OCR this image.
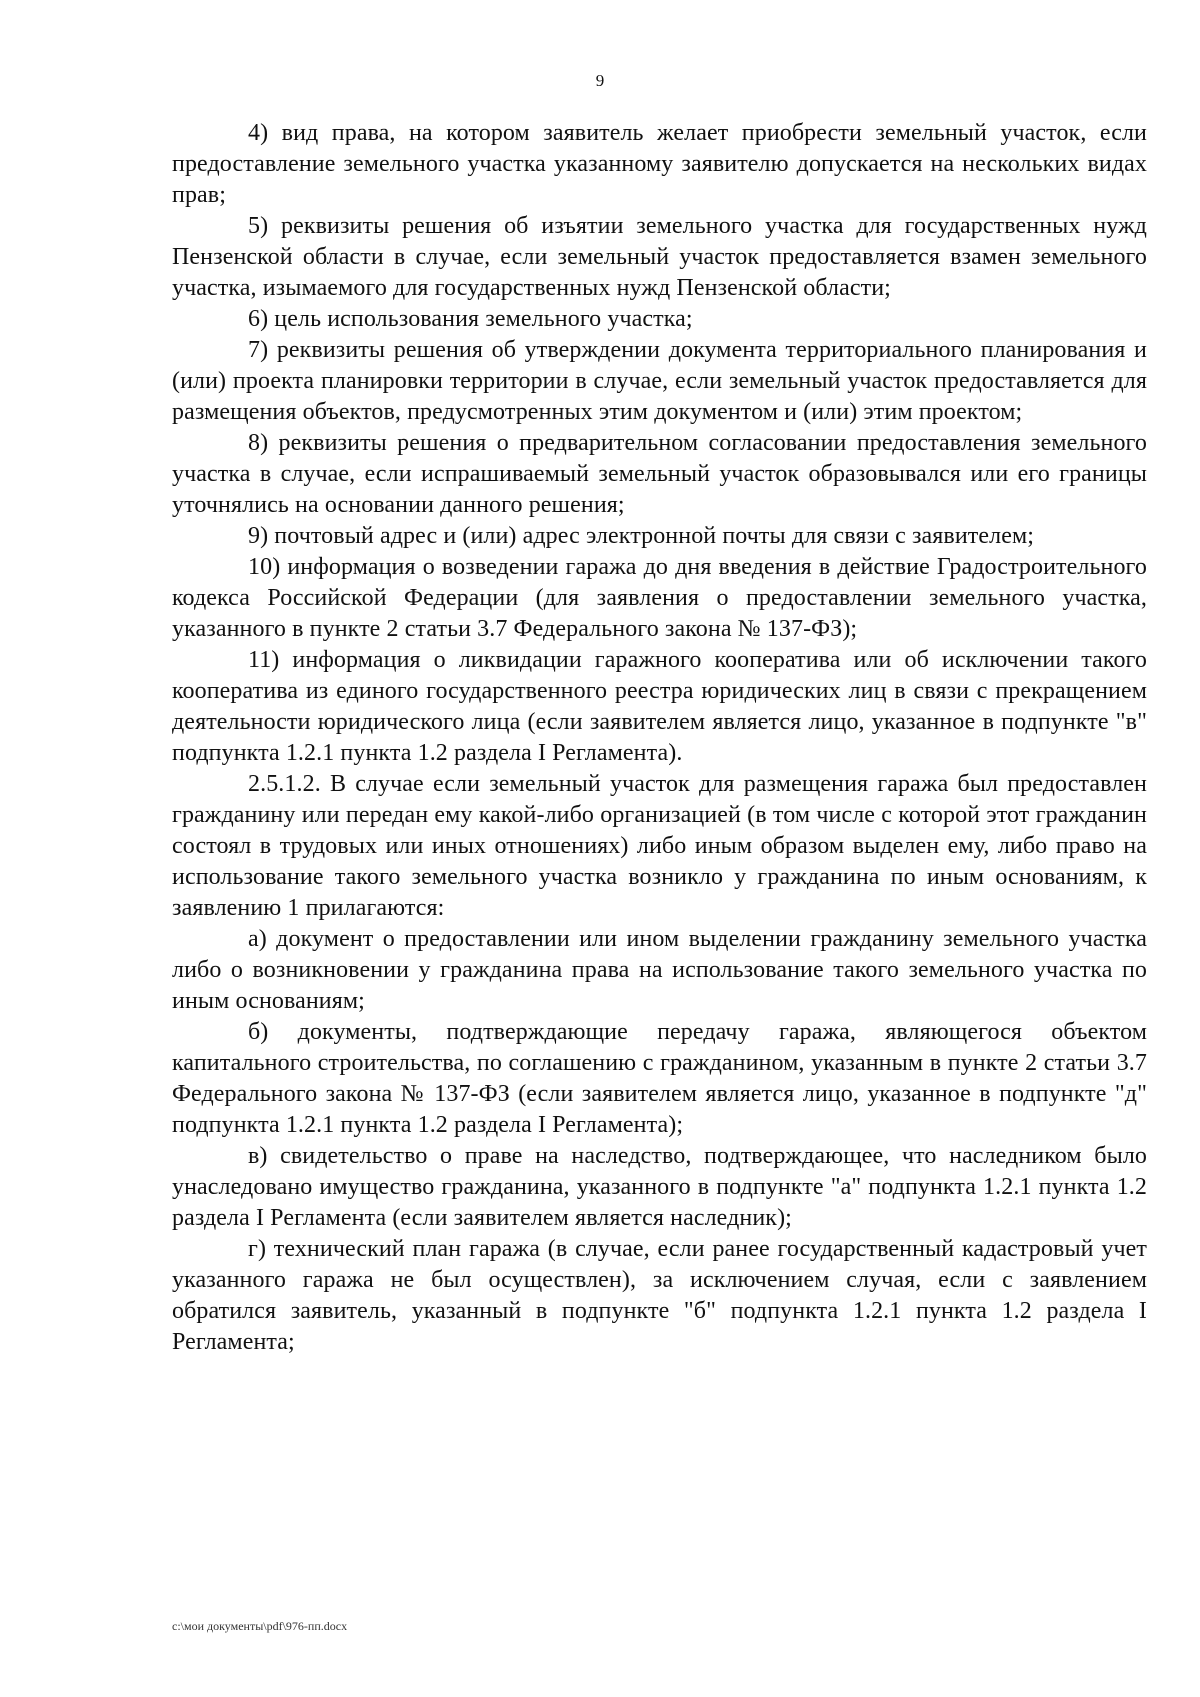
9

4) вид права, на котором заявитель желает приобрести земельный участок, если предоставление земельного участка указанному заявителю допускается на нескольких видах прав;

5) реквизиты решения об изъятии земельного участка для государственных нужд Пензенской области в случае, если земельный участок предоставляется взамен земельного участка, изымаемого для государственных нужд Пензенской области;

6) цель использования земельного участка;

7) реквизиты решения об утверждении документа территориального планирования и (или) проекта планировки территории в случае, если земельный участок предоставляется для размещения объектов, предусмотренных этим документом и (или) этим проектом;

8) реквизиты решения о предварительном согласовании предоставления земельного участка в случае, если испрашиваемый земельный участок образовывался или его границы уточнялись на основании данного решения;

9) почтовый адрес и (или) адрес электронной почты для связи с заявителем;

10) информация о возведении гаража до дня введения в действие Градостроительного кодекса Российской Федерации (для заявления о предоставлении земельного участка, указанного в пункте 2 статьи 3.7 Федерального закона № 137-ФЗ);

11) информация о ликвидации гаражного кооператива или об исключении такого кооператива из единого государственного реестра юридических лиц в связи с прекращением деятельности юридического лица (если заявителем является лицо, указанное в подпункте "в" подпункта 1.2.1 пункта 1.2 раздела I Регламента).

2.5.1.2. В случае если земельный участок для размещения гаража был предоставлен гражданину или передан ему какой-либо организацией (в том числе с которой этот гражданин состоял в трудовых или иных отношениях) либо иным образом выделен ему, либо право на использование такого земельного участка возникло у гражданина по иным основаниям, к заявлению 1 прилагаются:

а) документ о предоставлении или ином выделении гражданину земельного участка либо о возникновении у гражданина права на использование такого земельного участка по иным основаниям;

б) документы, подтверждающие передачу гаража, являющегося объектом капитального строительства, по соглашению с гражданином, указанным в пункте 2 статьи 3.7 Федерального закона № 137-ФЗ (если заявителем является лицо, указанное в подпункте "д" подпункта 1.2.1 пункта 1.2 раздела I Регламента);

в) свидетельство о праве на наследство, подтверждающее, что наследником было унаследовано имущество гражданина, указанного в подпункте "а" подпункта 1.2.1 пункта 1.2 раздела I Регламента (если заявителем является наследник);

г) технический план гаража (в случае, если ранее государственный кадастровый учет указанного гаража не был осуществлен), за исключением случая, если с заявлением обратился заявитель, указанный в подпункте "б" подпункта 1.2.1 пункта 1.2 раздела I Регламента;

c:\мои документы\pdf\976-пп.docx
